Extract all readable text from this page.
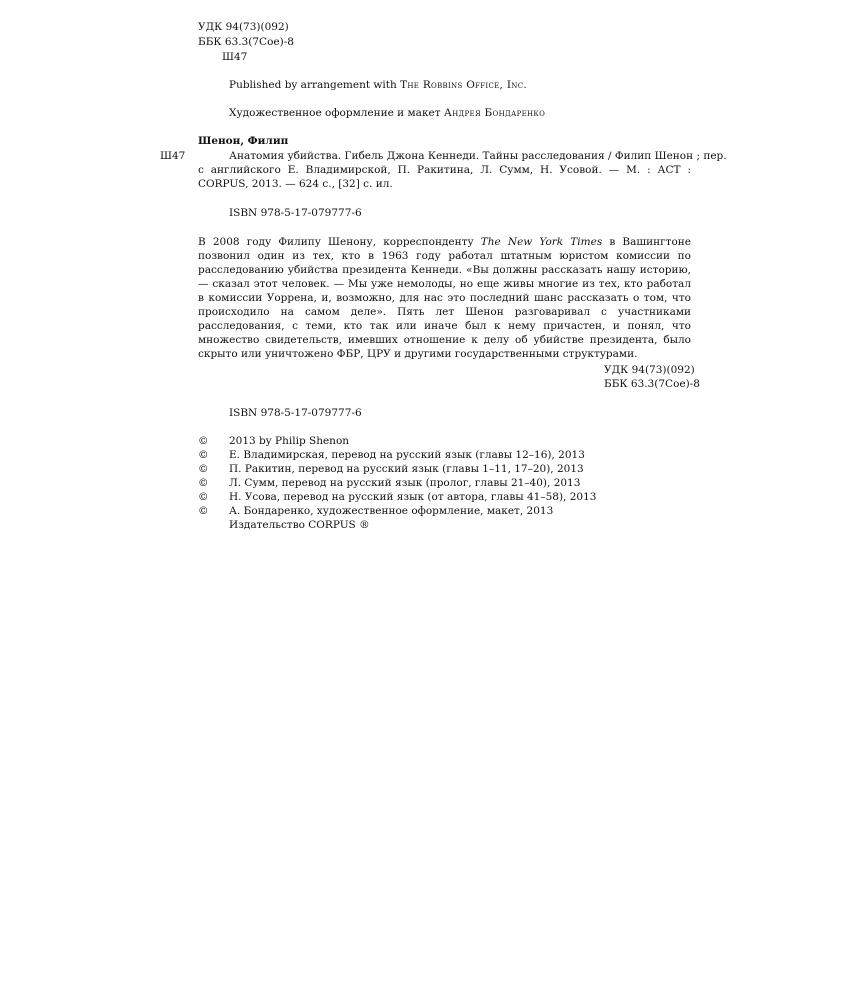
УДК 94(73)(092)
ББК 63.3(7Сое)-8
Ш47
Published by arrangement with The Robbins Office, Inc.
Художественное оформление и макет Андрея Бондаренко
Шенон, Филип
Ш47	Анатомия убийства. Гибель Джона Кеннеди. Тайны расследования / Филип Шенон ; пер.
с английского Е. Владимирской, П. Ракитина, Л. Сумм, Н. Усовой. — М. : АСТ :
CORPUS, 2013. — 624 с., [32] с. ил.
ISBN 978-5-17-079777-6
В 2008 году Филипу Шенону, корреспонденту The New York Times в Вашингтоне позвонил один из тех, кто в 1963 году работал штатным юристом комиссии по расследованию убийства президента Кеннеди. «Вы должны рассказать нашу историю, — сказал этот человек. — Мы уже немолоды, но еще живы многие из тех, кто работал в комиссии Уоррена, и, возможно, для нас это последний шанс рассказать о том, что происходило на самом деле». Пять лет Шенон разговаривал с участниками расследования, с теми, кто так или иначе был к нему причастен, и понял, что множество свидетельств, имевших отношение к делу об убийстве президента, было скрыто или уничтожено ФБР, ЦРУ и другими государственными структурами.
УДК 94(73)(092)
ББК 63.3(7Сое)-8
ISBN 978-5-17-079777-6
© 2013 by Philip Shenon
© Е. Владимирская, перевод на русский язык (главы 12–16), 2013
© П. Ракитин, перевод на русский язык (главы 1–11, 17–20), 2013
© Л. Сумм, перевод на русский язык (пролог, главы 21–40), 2013
© Н. Усова, перевод на русский язык (от автора, главы 41–58), 2013
© А. Бондаренко, художественное оформление, макет, 2013
Издательство CORPUS ®
